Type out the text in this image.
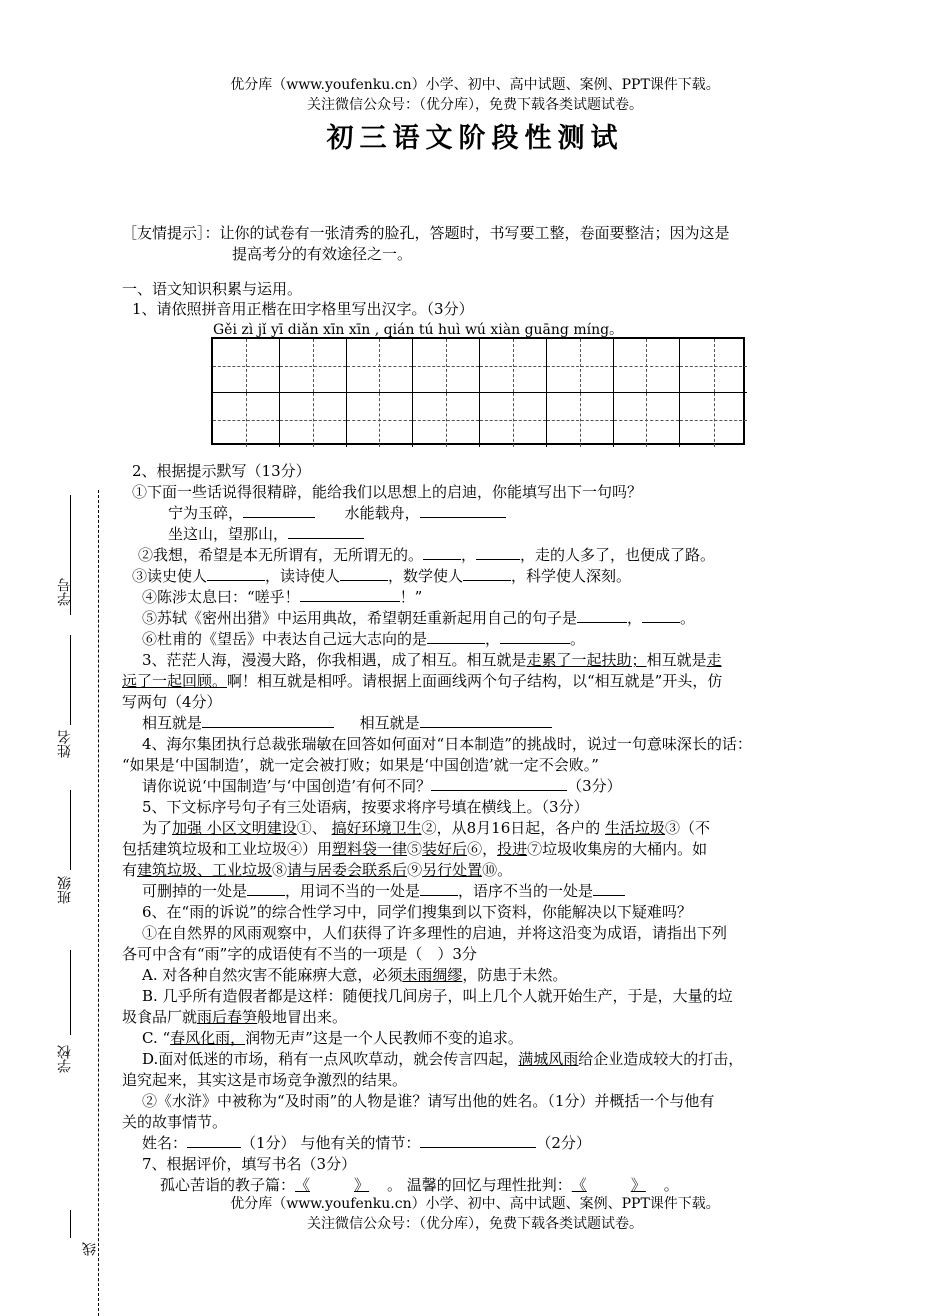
优分库（www.youfenku.cn）小学、初中、高中试题、案例、PPT课件下载。
关注微信公众号：（优分库），免费下载各类试题试卷。
初三语文阶段性测试
［友情提示］：让你的试卷有一张清秀的脸孔，答题时，书写要工整，卷面要整洁；因为这是
提高考分的有效途径之一。
学号
姓名
班级
学校
线
一、语文知识积累与运用。
1、请依照拼音用正楷在田字格里写出汉字。（3分）
Gěi zì jǐ yī diǎn xīn xīn , qián tú huì wú xiàn guāng míng。
2、根据提示默写（13分）
①下面一些话说得很精辟，能给我们以思想上的启迪，你能填写出下一句吗？
宁为玉碎，	水能载舟，
坐这山，望那山，
②我想，希望是本无所谓有，无所谓无的。	，	，走的人多了，也便成了路。
③读史使人	，读诗使人	，数学使人	，科学使人深刻。
④陈涉太息曰：“嗟乎！	！”
⑤苏轼《密州出猎》中运用典故，希望朝廷重新起用自己的句子是	，	。
⑥杜甫的《望岳》中表达自己远大志向的是	，	。
3、茫茫人海，漫漫大路，你我相遇，成了相互。相互就是走累了一起扶助；相互就是走
远了一起回顾。啊！相互就是相呼。请根据上面画线两个句子结构，以“相互就是”开头，仿
写两句（4分）
相互就是	相互就是
4、海尔集团执行总裁张瑞敏在回答如何面对“日本制造”的挑战时，说过一句意味深长的话：
“如果是‘中国制造’，就一定会被打败；如果是‘中国创造’就一定不会败。”
请你说说‘中国制造’与‘中国创造’有何不同？	（3分）
5、下文标序号句子有三处语病，按要求将序号填在横线上。（3分）
为了加强 小区文明建设①、 搞好环境卫生②，从8月16日起，各户的 生活垃圾③（不
包括建筑垃圾和工业垃圾④）用塑料袋一律⑤装好后⑥，投进⑦垃圾收集房的大桶内。如
有建筑垃圾、工业垃圾⑧请与居委会联系后⑨另行处置⑩。
可删掉的一处是	，用词不当的一处是	，语序不当的一处是
6、在“雨的诉说”的综合性学习中，同学们搜集到以下资料，你能解决以下疑难吗？
①在自然界的风雨观察中，人们获得了许多理性的启迪，并将这沿变为成语，请指出下列
各可中含有“雨”字的成语使有不当的一项是（　）3分
A. 对各种自然灾害不能麻痹大意，必须未雨绸缪，防患于未然。
B. 几乎所有造假者都是这样：随便找几间房子，叫上几个人就开始生产，于是，大量的垃
圾食品厂就雨后春笋般地冒出来。
C. “春风化雨，润物无声”这是一个人民教师不变的追求。
D.面对低迷的市场，稍有一点风吹草动，就会传言四起，满城风雨给企业造成较大的打击，
追究起来，其实这是市场竞争激烈的结果。
②《水浒》中被称为“及时雨”的人物是谁？请写出他的姓名。（1分）并概括一个与他有
关的故事情节。
姓名：	（1分） 与他有关的情节：	（2分）
7、根据评价，填写书名（3分）
孤心苦诣的教子篇：《	》 。 温馨的回忆与理性批判：《	》 。
优分库（www.youfenku.cn）小学、初中、高中试题、案例、PPT课件下载。
关注微信公众号：（优分库），免费下载各类试题试卷。
